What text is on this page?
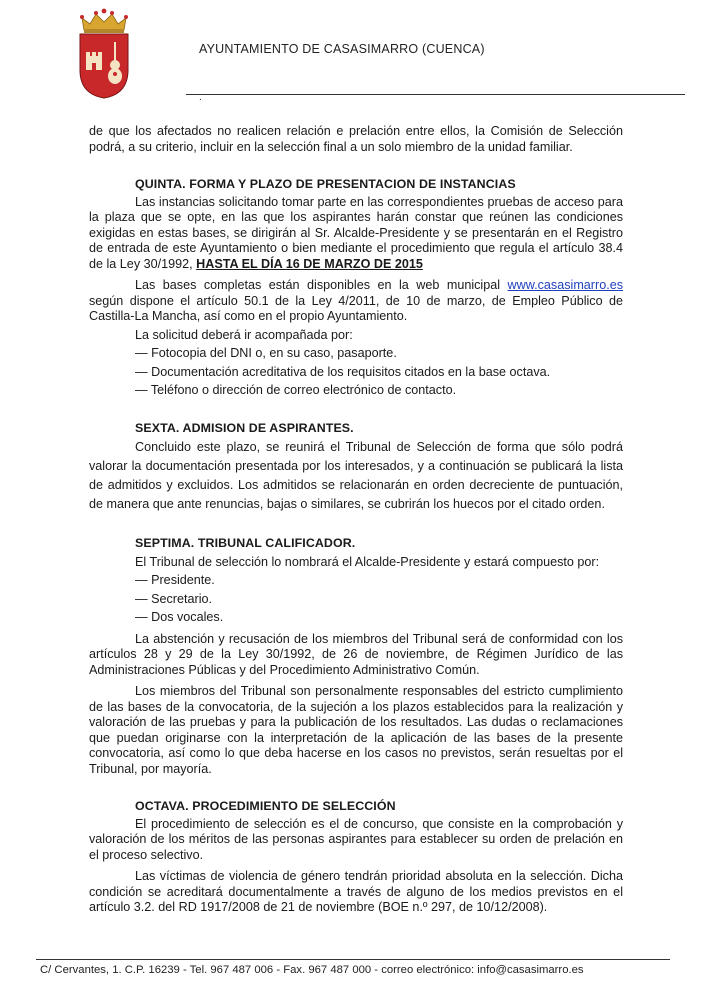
AYUNTAMIENTO DE CASASIMARRO (CUENCA)
.

de que los afectados no realicen relación e prelación entre ellos, la Comisión de Selección podrá, a su criterio, incluir en la selección final a un solo miembro de la unidad familiar.

QUINTA. FORMA Y PLAZO DE PRESENTACION DE INSTANCIAS

Las instancias solicitando tomar parte en las correspondientes pruebas de acceso para la plaza que se opte, en las que los aspirantes harán constar que reúnen las condiciones exigidas en estas bases, se dirigirán al Sr. Alcalde-Presidente y se presentarán en el Registro de entrada de este Ayuntamiento o bien mediante el procedimiento que regula el artículo 38.4 de la Ley 30/1992, HASTA EL DÍA 16 DE MARZO DE 2015

Las bases completas están disponibles en la web municipal www.casasimarro.es según dispone el artículo 50.1 de la Ley 4/2011, de 10 de marzo, de Empleo Público de Castilla-La Mancha, así como en el propio Ayuntamiento.

La solicitud deberá ir acompañada por:

— Fotocopia del DNI o, en su caso, pasaporte.

— Documentación acreditativa de los requisitos citados en la base octava.

— Teléfono o dirección de correo electrónico de contacto.

SEXTA. ADMISION DE ASPIRANTES.

Concluido este plazo, se reunirá el Tribunal de Selección de forma que sólo podrá valorar la documentación presentada por los interesados, y a continuación se publicará la lista de admitidos y excluidos. Los admitidos se relacionarán en orden decreciente de puntuación, de manera que ante renuncias, bajas o similares, se cubrirán los huecos por el citado orden.

SEPTIMA. TRIBUNAL CALIFICADOR.

El Tribunal de selección lo nombrará el Alcalde-Presidente y estará compuesto por:

— Presidente.

— Secretario.

— Dos vocales.

La abstención y recusación de los miembros del Tribunal será de conformidad con los artículos 28 y 29 de la Ley 30/1992, de 26 de noviembre, de Régimen Jurídico de las Administraciones Públicas y del Procedimiento Administrativo Común.

Los miembros del Tribunal son personalmente responsables del estricto cumplimiento de las bases de la convocatoria, de la sujeción a los plazos establecidos para la realización y valoración de las pruebas y para la publicación de los resultados. Las dudas o reclamaciones que puedan originarse con la interpretación de la aplicación de las bases de la presente convocatoria, así como lo que deba hacerse en los casos no previstos, serán resueltas por el Tribunal, por mayoría.

OCTAVA. PROCEDIMIENTO DE SELECCIÓN

El procedimiento de selección es el de concurso, que consiste en la comprobación y valoración de los méritos de las personas aspirantes para establecer su orden de prelación en el proceso selectivo.

Las víctimas de violencia de género tendrán prioridad absoluta en la selección. Dicha condición se acreditará documentalmente a través de alguno de los medios previstos en el artículo 3.2. del RD 1917/2008 de 21 de noviembre (BOE n.º 297, de 10/12/2008).

C/ Cervantes, 1. C.P. 16239 - Tel. 967 487 006 - Fax. 967 487 000 - correo electrónico: info@casasimarro.es
